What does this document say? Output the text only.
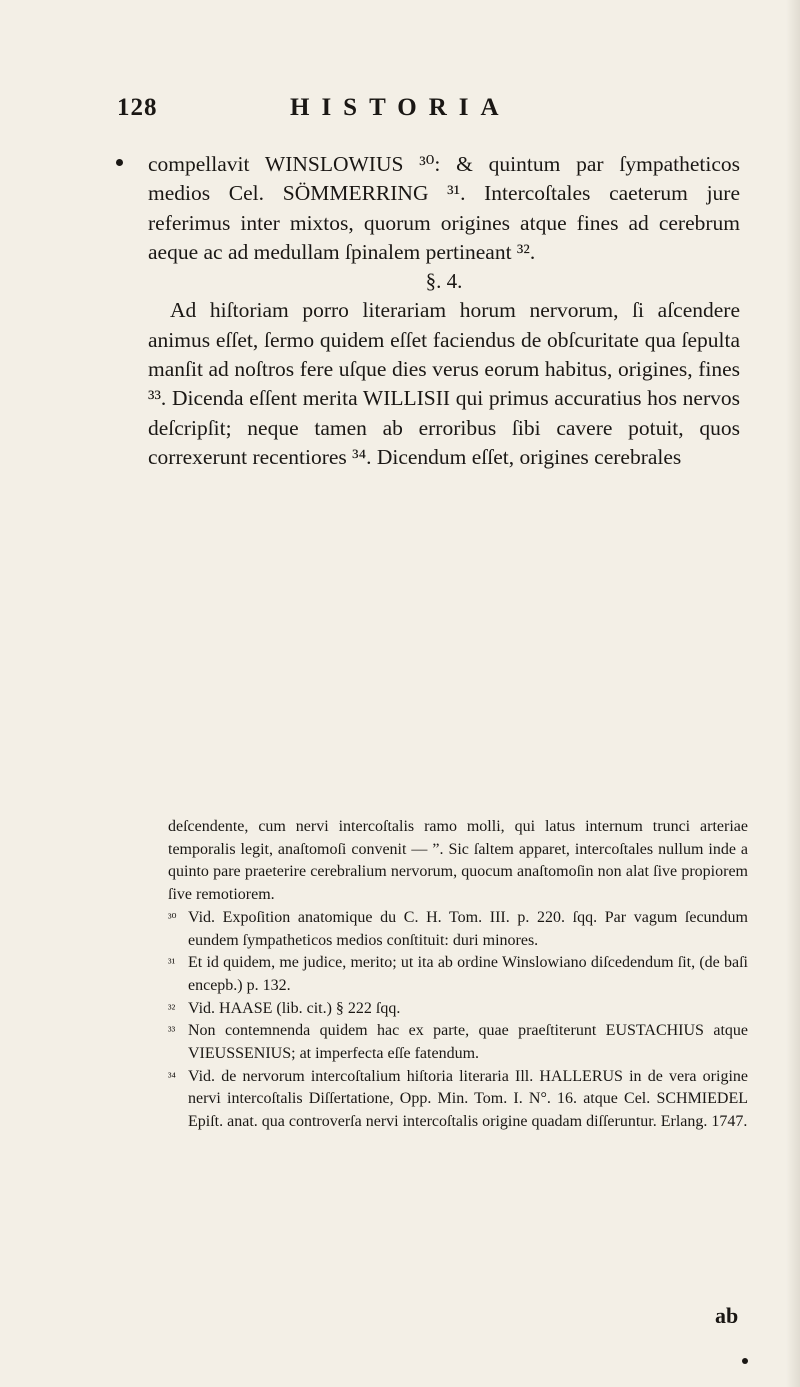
128	HISTORIA

compellavit WINSLOWIUS ³⁰: & quintum par ſympatheticos medios Cel. SÖMMERRING ³¹. Intercoſtales caeterum jure referimus inter mixtos, quorum origines atque fines ad cerebrum aeque ac ad medullam ſpinalem pertineant ³².

§. 4.

Ad hiſtoriam porro literariam horum nervorum, ſi aſcendere animus eſſet, ſermo quidem eſſet faciendus de obſcuritate qua ſepulta manſit ad noſtros fere uſque dies verus eorum habitus, origines, fines ³³. Dicenda eſſent merita WILLISII qui primus accuratius hos nervos deſcripſit; neque tamen ab erroribus ſibi cavere potuit, quos correxerunt recentiores ³⁴. Dicendum eſſet, origines cerebrales

deſcendente, cum nervi intercoſtalis ramo molli, qui latus internum trunci arteriae temporalis legit, anaſtomoſi convenit — ”. Sic ſaltem apparet, intercoſtales nullum inde a quinto pare praeterire cerebralium nervorum, quocum anaſtomoſin non alat ſive propiorem ſive remotiorem.

³⁰ Vid. Expoſition anatomique du C. H. Tom. III. p. 220. ſqq. Par vagum ſecundum eundem ſympatheticos medios conſtituit: duri minores.

³¹ Et id quidem, me judice, merito; ut ita ab ordine Winslowiano diſcedendum ſit, (de baſi encepb.) p. 132.

³² Vid. HAASE (lib. cit.) § 222 ſqq.

³³ Non contemnenda quidem hac ex parte, quae praeſtiterunt EUSTACHIUS atque VIEUSSENIUS; at imperfecta eſſe fatendum.

³⁴ Vid. de nervorum intercoſtalium hiſtoria literaria Ill. HALLERUS in de vera origine nervi intercoſtalis Diſſertatione, Opp. Min. Tom. I. N°. 16. atque Cel. SCHMIEDEL Epiſt. anat. qua controverſa nervi intercoſtalis origine quadam diſſeruntur. Erlang. 1747.

ab
